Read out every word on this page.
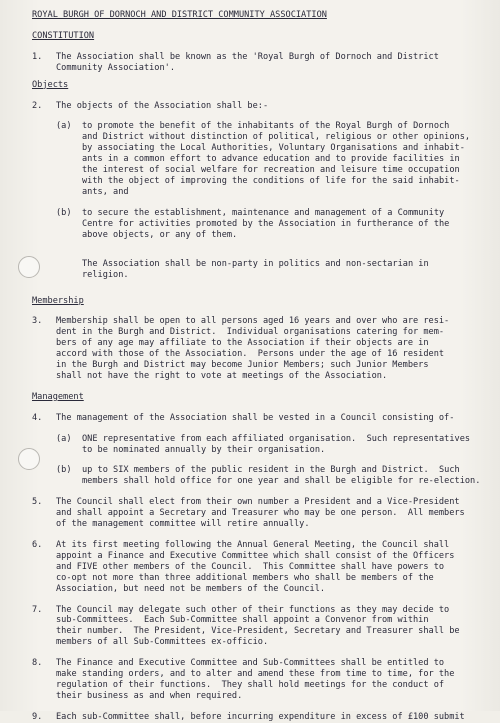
ROYAL BURGH OF DORNOCH AND DISTRICT COMMUNITY ASSOCIATION

CONSTITUTION

1.	The Association shall be known as the 'Royal Burgh of Dornoch and District
Community Association'.

Objects

2.	The objects of the Association shall be:-

(a)	to promote the benefit of the inhabitants of the Royal Burgh of Dornoch
and District without distinction of political, religious or other opinions,
by associating the Local Authorities, Voluntary Organisations and inhabit-
ants in a common effort to advance education and to provide facilities in
the interest of social welfare for recreation and leisure time occupation
with the object of improving the conditions of life for the said inhabit-
ants, and

(b)	to secure the establishment, maintenance and management of a Community
Centre for activities promoted by the Association in furtherance of the
above objects, or any of them.

The Association shall be non-party in politics and non-sectarian in
religion.

Membership

3.	Membership shall be open to all persons aged 16 years and over who are resi-
dent in the Burgh and District.  Individual organisations catering for mem-
bers of any age may affiliate to the Association if their objects are in
accord with those of the Association.  Persons under the age of 16 resident
in the Burgh and District may become Junior Members; such Junior Members
shall not have the right to vote at meetings of the Association.

Management

4.	The management of the Association shall be vested in a Council consisting of-

(a)	ONE representative from each affiliated organisation.  Such representatives
to be nominated annually by their organisation.

(b)	up to SIX members of the public resident in the Burgh and District.  Such
members shall hold office for one year and shall be eligible for re-election.

5.	The Council shall elect from their own number a President and a Vice-President
and shall appoint a Secretary and Treasurer who may be one person.  All members
of the management committee will retire annually.

6.	At its first meeting following the Annual General Meeting, the Council shall
appoint a Finance and Executive Committee which shall consist of the Officers
and FIVE other members of the Council.  This Committee shall have powers to
co-opt not more than three additional members who shall be members of the
Association, but need not be members of the Council.

7.	The Council may delegate such other of their functions as they may decide to
sub-Committees.  Each Sub-Committee shall appoint a Convenor from within
their number.  The President, Vice-President, Secretary and Treasurer shall be
members of all Sub-Committees ex-officio.

8.	The Finance and Executive Committee and Sub-Committees shall be entitled to
make standing orders, and to alter and amend these from time to time, for the
regulation of their functions.  They shall hold meetings for the conduct of
their business as and when required.

9.	Each sub-Committee shall, before incurring expenditure in excess of £100 submit
